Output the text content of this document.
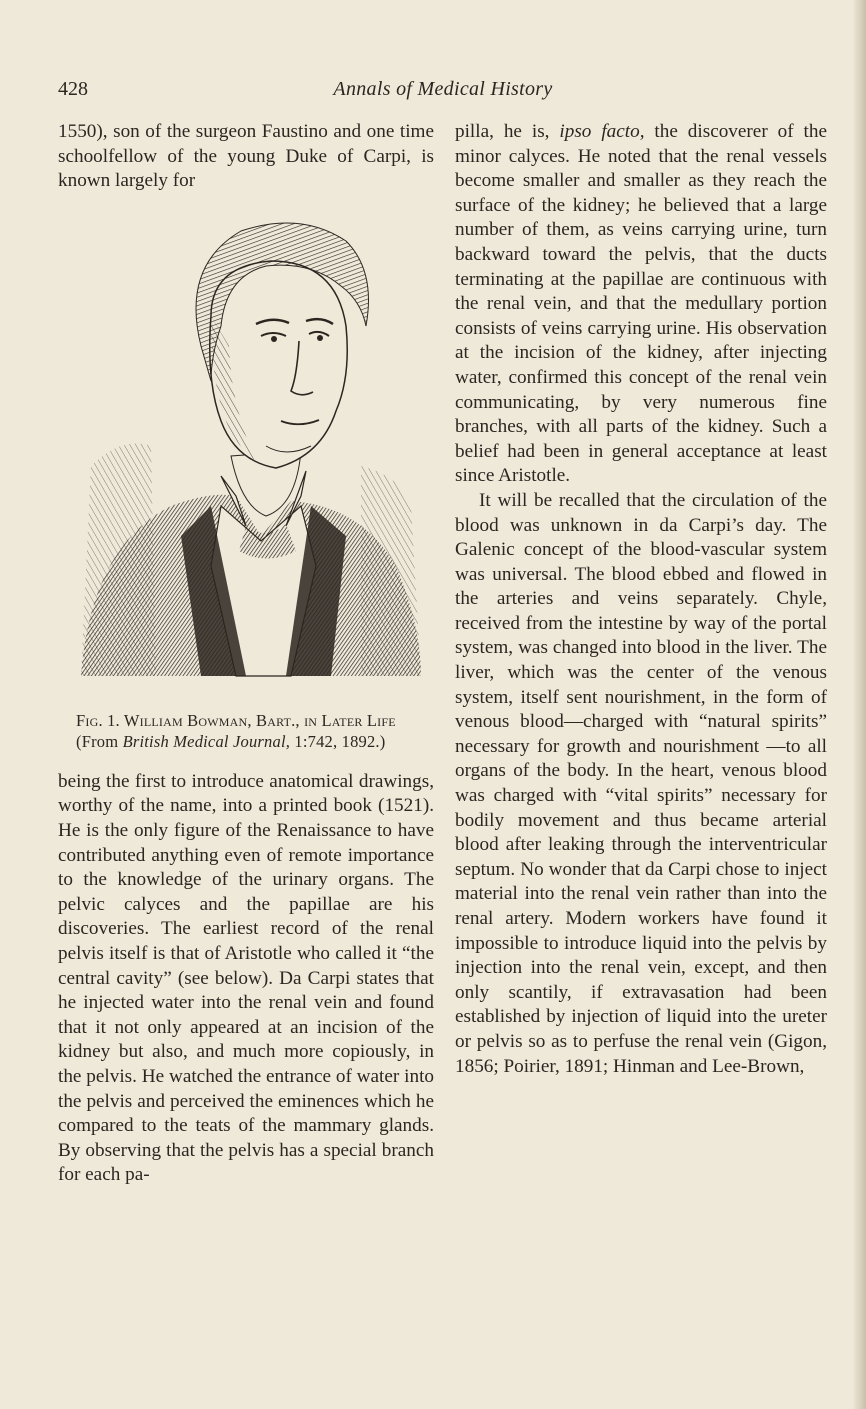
428	Annals of Medical History

1550), son of the surgeon Faustino and one time schoolfellow of the young Duke of Carpi, is known largely for

Fig. 1. William Bowman, Bart., in Later Life (From British Medical Journal, 1:742, 1892.)

being the first to introduce anatomical drawings, worthy of the name, into a printed book (1521). He is the only figure of the Renaissance to have contributed anything even of remote importance to the knowledge of the urinary organs. The pelvic calyces and the papillae are his discoveries. The earliest record of the renal pelvis itself is that of Aristotle who called it “the central cavity” (see below). Da Carpi states that he injected water into the renal vein and found that it not only appeared at an incision of the kidney but also, and much more copiously, in the pelvis. He watched the entrance of water into the pelvis and perceived the eminences which he compared to the teats of the mammary glands. By observing that the pelvis has a special branch for each pa-

pilla, he is, ipso facto, the discoverer of the minor calyces. He noted that the renal vessels become smaller and smaller as they reach the surface of the kidney; he believed that a large number of them, as veins carrying urine, turn backward toward the pelvis, that the ducts terminating at the papillae are continuous with the renal vein, and that the medullary portion consists of veins carrying urine. His observation at the incision of the kidney, after injecting water, confirmed this concept of the renal vein communicating, by very numerous fine branches, with all parts of the kidney. Such a belief had been in general acceptance at least since Aristotle.

It will be recalled that the circulation of the blood was unknown in da Carpi’s day. The Galenic concept of the blood-vascular system was universal. The blood ebbed and flowed in the arteries and veins separately. Chyle, received from the intestine by way of the portal system, was changed into blood in the liver. The liver, which was the center of the venous system, itself sent nourishment, in the form of venous blood—charged with “natural spirits” necessary for growth and nourishment —to all organs of the body. In the heart, venous blood was charged with “vital spirits” necessary for bodily movement and thus became arterial blood after leaking through the interventricular septum. No wonder that da Carpi chose to inject material into the renal vein rather than into the renal artery. Modern workers have found it impossible to introduce liquid into the pelvis by injection into the renal vein, except, and then only scantily, if extravasation had been established by injection of liquid into the ureter or pelvis so as to perfuse the renal vein (Gigon, 1856; Poirier, 1891; Hinman and Lee-Brown,
